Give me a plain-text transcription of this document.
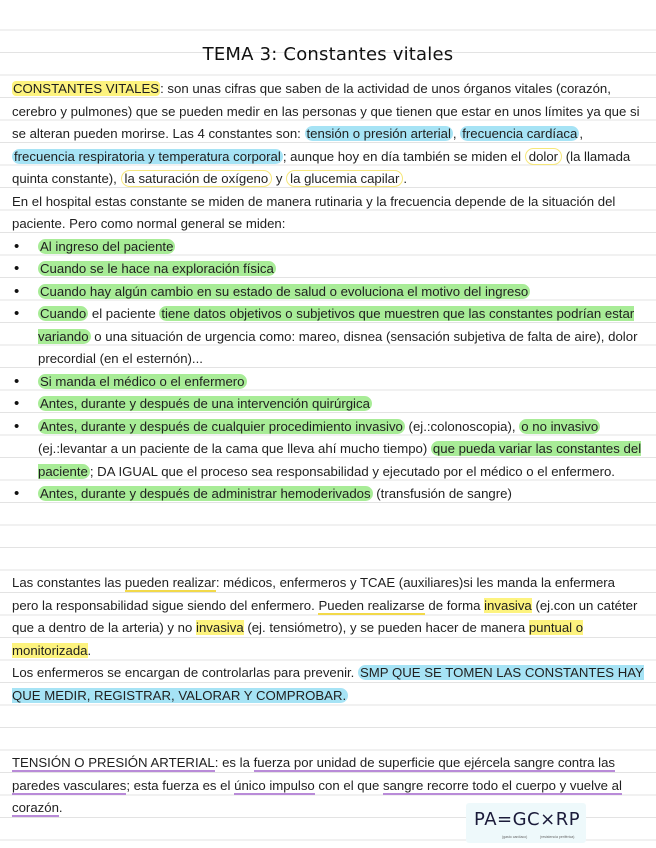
TEMA 3: Constantes vitales

CONSTANTES VITALES: son unas cifras que saben de la actividad de unos órganos vitales (corazón, cerebro y pulmones) que se pueden medir en las personas y que tienen que estar en unos límites ya que si se alteran pueden morirse. Las 4 constantes son: tensión o presión arterial , frecuencia cardíaca , frecuencia respiratoria y temperatura corporal ; aunque hoy en día también se miden el dolor (la llamada quinta constante), la saturación de oxígeno y la glucemia capilar .

En el hospital estas constante se miden de manera rutinaria y la frecuencia depende de la situación del paciente. Pero como normal general se miden:

• Al ingreso del paciente
• Cuando se le hace na exploración física
• Cuando hay algún cambio en su estado de salud o evoluciona el motivo del ingreso
• Cuando el paciente tiene datos objetivos o subjetivos que muestren que las constantes podrían estar variando o una situación de urgencia como: mareo, disnea (sensación subjetiva de falta de aire), dolor precordial (en el esternón)...
• Si manda el médico o el enfermero
• Antes, durante y después de una intervención quirúrgica
• Antes, durante y después de cualquier procedimiento invasivo (ej.:colonoscopia), o no invasivo (ej.:levantar a un paciente de la cama que lleva ahí mucho tiempo) que pueda variar las constantes del paciente ; DA IGUAL que el proceso sea responsabilidad y ejecutado por el médico o el enfermero.
• Antes, durante y después de administrar hemoderivados (transfusión de sangre)

Las constantes las pueden realizar: médicos, enfermeros y TCAE (auxiliares)si les manda la enfermera pero la responsabilidad sigue siendo del enfermero. Pueden realizarse de forma invasiva (ej.con un catéter que a dentro de la arteria) y no invasiva (ej. tensiómetro), y se pueden hacer de manera puntual o monitorizada.

Los enfermeros se encargan de controlarlas para prevenir. SMP QUE SE TOMEN LAS CONSTANTES HAY QUE MEDIR, REGISTRAR, VALORAR Y COMPROBAR.

TENSIÓN O PRESIÓN ARTERIAL: es la fuerza por unidad de superficie que ejércela sangre contra las paredes vasculares; esta fuerza es el único impulso con el que sangre recorre todo el cuerpo y vuelve al corazón.

PA=GC×RP
(gasto cardíaco)	(resistencia periférica)
